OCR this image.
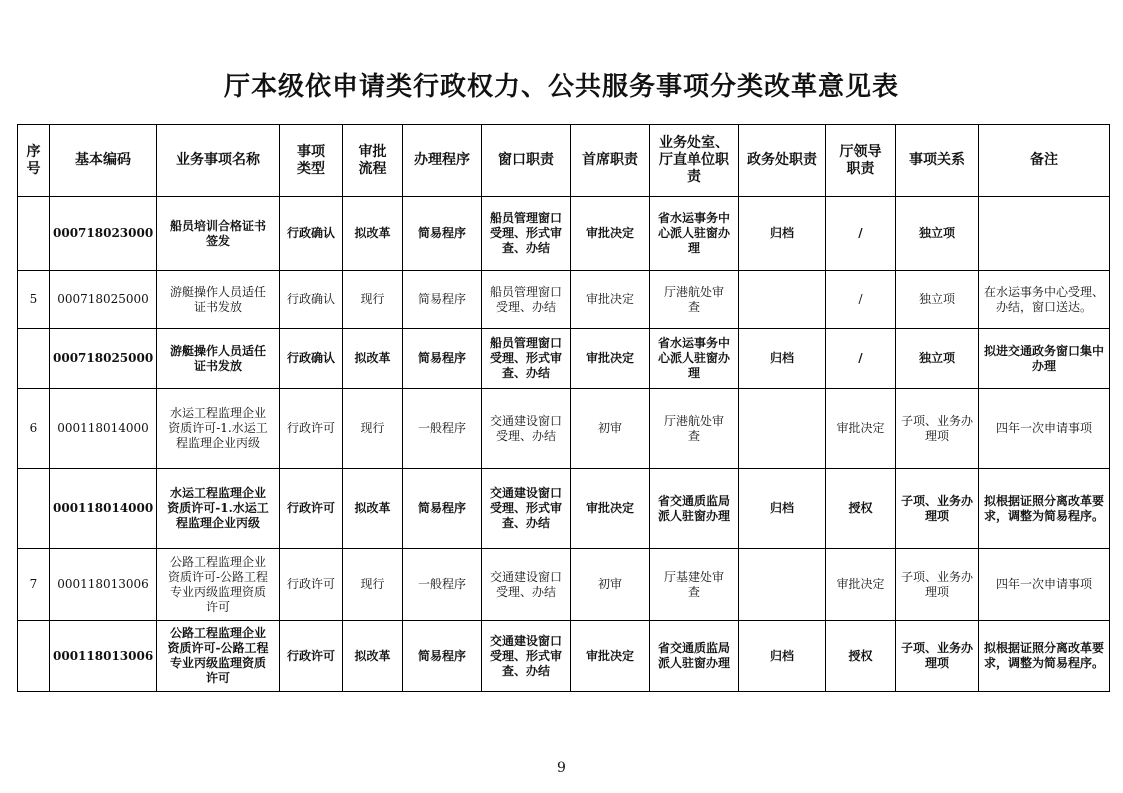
厅本级依申请类行政权力、公共服务事项分类改革意见表
序号	基本编码	业务事项名称	事项类型	审批流程	办理程序	窗口职责	首席职责	业务处室、厅直单位职责	政务处职责	厅领导职责	事项关系	备注
	000718023000	船员培训合格证书签发	行政确认	拟改革	简易程序	船员管理窗口受理、形式审查、办结	审批决定	省水运事务中心派人驻窗办理	归档	/	独立项	
5	000718025000	游艇操作人员适任证书发放	行政确认	现行	简易程序	船员管理窗口受理、办结	审批决定	厅港航处审查		/	独立项	在水运事务中心受理、办结，窗口送达。
	000718025000	游艇操作人员适任证书发放	行政确认	拟改革	简易程序	船员管理窗口受理、形式审查、办结	审批决定	省水运事务中心派人驻窗办理	归档	/	独立项	拟进交通政务窗口集中办理
6	000118014000	水运工程监理企业资质许可-1.水运工程监理企业丙级	行政许可	现行	一般程序	交通建设窗口受理、办结	初审	厅港航处审查		审批决定	子项、业务办理项	四年一次申请事项
	000118014000	水运工程监理企业资质许可-1.水运工程监理企业丙级	行政许可	拟改革	简易程序	交通建设窗口受理、形式审查、办结	审批决定	省交通质监局派人驻窗办理	归档	授权	子项、业务办理项	拟根据证照分离改革要求，调整为简易程序。
7	000118013006	公路工程监理企业资质许可-公路工程专业丙级监理资质许可	行政许可	现行	一般程序	交通建设窗口受理、办结	初审	厅基建处审查		审批决定	子项、业务办理项	四年一次申请事项
	000118013006	公路工程监理企业资质许可-公路工程专业丙级监理资质许可	行政许可	拟改革	简易程序	交通建设窗口受理、形式审查、办结	审批决定	省交通质监局派人驻窗办理	归档	授权	子项、业务办理项	拟根据证照分离改革要求，调整为简易程序。
9
